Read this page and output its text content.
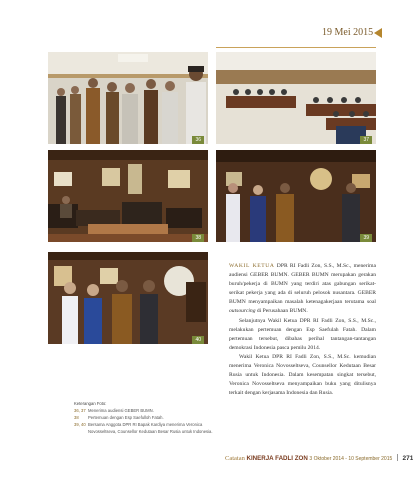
19 Mei 2015
36	37
38	39
40
Keterangan Foto:
36, 37 Menerima audiensi GEBER BUMN.
38	Pertemuan dengan Esp Saefulloh Fatah.
39, 40 Bersama Anggota DPR RI Bapak Kardiya menerima Veronica Novosseltseva, Counsellor Kedutaan Besar Rusia untuk Indonesia.

WAKIL KETUA DPR RI Fadli Zon, S.S., M.Sc., menerima audiensi GEBER BUMN. GEBER BUMN merupakan gerakan buruh/pekerja di BUMN yang terdiri atas gabungan serikat-serikat pekerja yang ada di seluruh pelosok nusantara. GEBER BUMN menyampaikan masalah ketenagakerjaan terutama soal outsourcing di Perusahaan BUMN.

Selanjutnya Wakil Ketua DPR RI Fadli Zon, S.S., M.Sc., melakukan pertemuan dengan Esp Saefulah Fatah. Dalam pertemuan tersebut, dibahas perihal tantangan-tantangan demokrasi Indonesia pasca pemilu 2014.

Wakil Ketua DPR RI Fadli Zon, S.S., M.Sc. kemudian menerima Veronica Novosseltseva, Counsellor Kedutaan Besar Rusia untuk Indonesia. Dalam kesempatan singkat tersebut, Veronica Novosseltseva menyampaikan buku yang ditulisnya terkait dengan kerjasama Indonesia dan Rusia.

Catatan KINERJA FADLI ZON 3 Oktober 2014 - 10 September 2015 271
